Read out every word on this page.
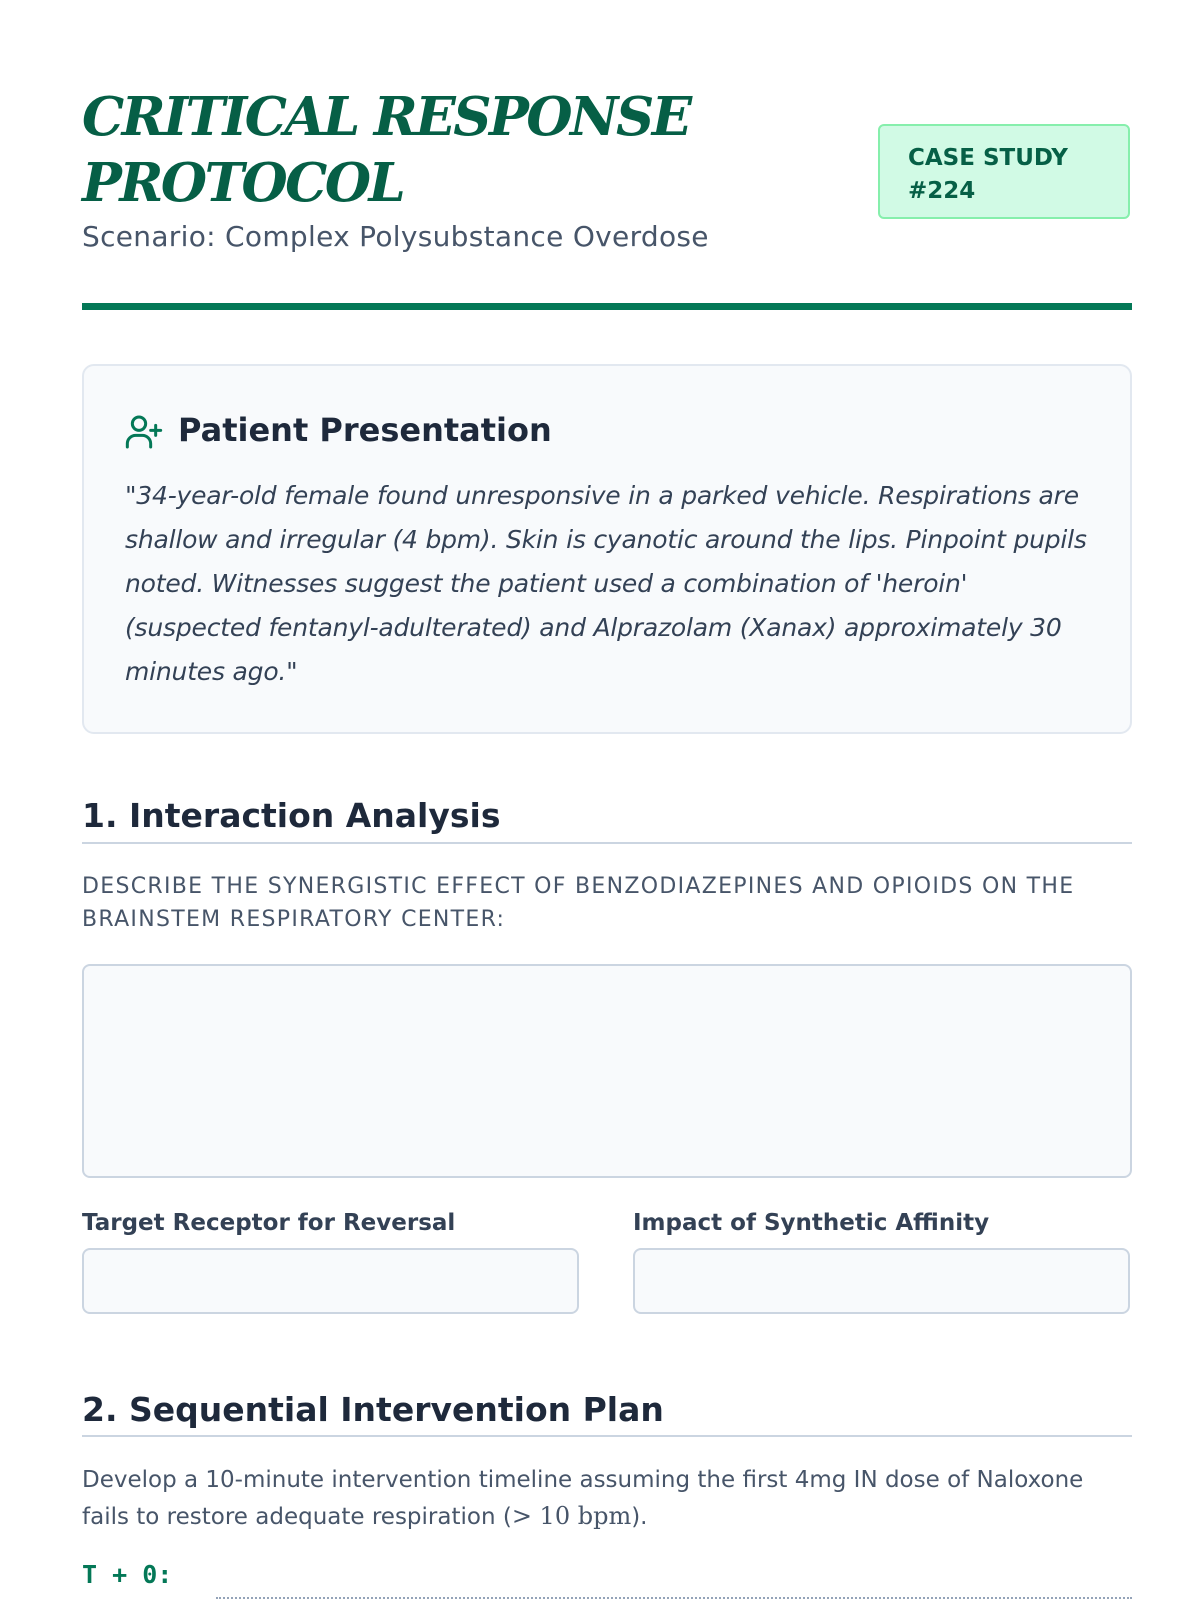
CRITICAL RESPONSE
PROTOCOL
Scenario: Complex Polysubstance Overdose
CASE STUDY
#224
Patient Presentation

"34-year-old female found unresponsive in a parked vehicle. Respirations are shallow and irregular (4 bpm). Skin is cyanotic around the lips. Pinpoint pupils noted. Witnesses suggest the patient used a combination of 'heroin' (suspected fentanyl-adulterated) and Alprazolam (Xanax) approximately 30 minutes ago."

1. Interaction Analysis

DESCRIBE THE SYNERGISTIC EFFECT OF BENZODIAZEPINES AND OPIOIDS ON THE BRAINSTEM RESPIRATORY CENTER:

Target Receptor for Reversal	Impact of Synthetic Affinity
2. Sequential Intervention Plan

Develop a 10-minute intervention timeline assuming the first 4mg IN dose of Naloxone fails to restore adequate respiration (> 10 bpm).

T + 0:
